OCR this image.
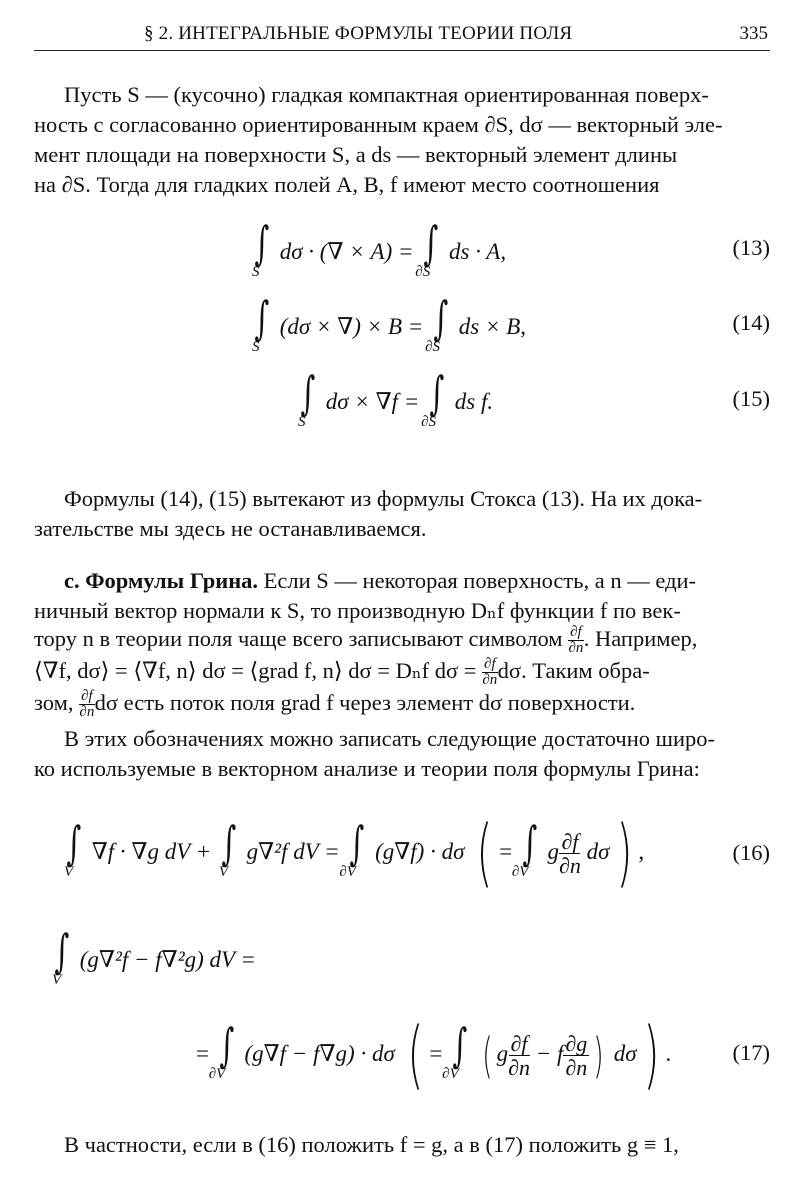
§ 2. ИНТЕГРАЛЬНЫЕ ФОРМУЛЫ ТЕОРИИ ПОЛЯ	335
Пусть S — (кусочно) гладкая компактная ориентированная поверх-
ность с согласованно ориентированным краем ∂S, dσ — векторный эле-
мент площади на поверхности S, а ds — векторный элемент длины
на ∂S. Тогда для гладких полей A, B, f имеют место соотношения
∫
S
dσ · (∇ × A) = ∫
∂S
ds · A,	(13)
∫
S
(dσ × ∇) × B = ∫
∂S
ds × B,	(14)
∫
S
dσ × ∇f = ∫
∂S
ds f.	(15)
Формулы (14), (15) вытекают из формулы Стокса (13). На их дока-
зательстве мы здесь не останавливаемся.
c. Формулы Грина. Если S — некоторая поверхность, а n — еди-
ничный вектор нормали к S, то производную Dₙf функции f по век-
тору n в теории поля чаще всего записывают символом $\frac{\partial f}{\partial n}$ . Например,
⟨∇f, dσ⟩ = ⟨∇f, n⟩ dσ = ⟨grad f, n⟩ dσ = Dₙf $d\sigma = \frac{\partial f}{\partial n} d\sigma$. Таким обра-
зом, $\frac{\partial f}{\partial n}$ dσ есть поток поля grad f через элемент dσ поверхности.
В этих обозначениях можно записать следующие достаточно широ-
ко используемые в векторном анализе и теории поля формулы Грина:
∫
V
∇f · ∇g dV + ∫
V
g∇²f dV = ∫
∂V
(g∇f) · dσ ( = ∫
∂V
g $\frac{\partial f}{\partial n} d\sigma$) ,	(16)
∫
V
(g∇²f − f∇²g) dV =
= ∫
∂V
(g∇f − f∇g) · dσ ( = ∫
∂V ( g $\frac{\partial f}{\partial n} - f \frac{\partial g}{\partial n}$ ) dσ) .	(17)
В частности, если в (16) положить f = g, а в (17) положить g ≡ 1,
